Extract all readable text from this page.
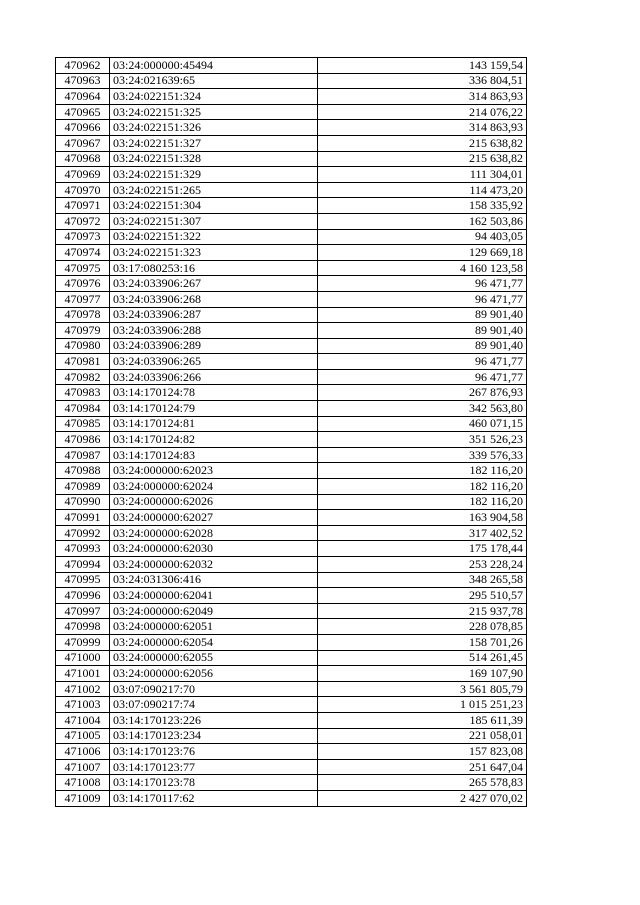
470962	03:24:000000:45494	143 159,54
470963	03:24:021639:65	336 804,51
470964	03:24:022151:324	314 863,93
470965	03:24:022151:325	214 076,22
470966	03:24:022151:326	314 863,93
470967	03:24:022151:327	215 638,82
470968	03:24:022151:328	215 638,82
470969	03:24:022151:329	111 304,01
470970	03:24:022151:265	114 473,20
470971	03:24:022151:304	158 335,92
470972	03:24:022151:307	162 503,86
470973	03:24:022151:322	94 403,05
470974	03:24:022151:323	129 669,18
470975	03:17:080253:16	4 160 123,58
470976	03:24:033906:267	96 471,77
470977	03:24:033906:268	96 471,77
470978	03:24:033906:287	89 901,40
470979	03:24:033906:288	89 901,40
470980	03:24:033906:289	89 901,40
470981	03:24:033906:265	96 471,77
470982	03:24:033906:266	96 471,77
470983	03:14:170124:78	267 876,93
470984	03:14:170124:79	342 563,80
470985	03:14:170124:81	460 071,15
470986	03:14:170124:82	351 526,23
470987	03:14:170124:83	339 576,33
470988	03:24:000000:62023	182 116,20
470989	03:24:000000:62024	182 116,20
470990	03:24:000000:62026	182 116,20
470991	03:24:000000:62027	163 904,58
470992	03:24:000000:62028	317 402,52
470993	03:24:000000:62030	175 178,44
470994	03:24:000000:62032	253 228,24
470995	03:24:031306:416	348 265,58
470996	03:24:000000:62041	295 510,57
470997	03:24:000000:62049	215 937,78
470998	03:24:000000:62051	228 078,85
470999	03:24:000000:62054	158 701,26
471000	03:24:000000:62055	514 261,45
471001	03:24:000000:62056	169 107,90
471002	03:07:090217:70	3 561 805,79
471003	03:07:090217:74	1 015 251,23
471004	03:14:170123:226	185 611,39
471005	03:14:170123:234	221 058,01
471006	03:14:170123:76	157 823,08
471007	03:14:170123:77	251 647,04
471008	03:14:170123:78	265 578,83
471009	03:14:170117:62	2 427 070,02
